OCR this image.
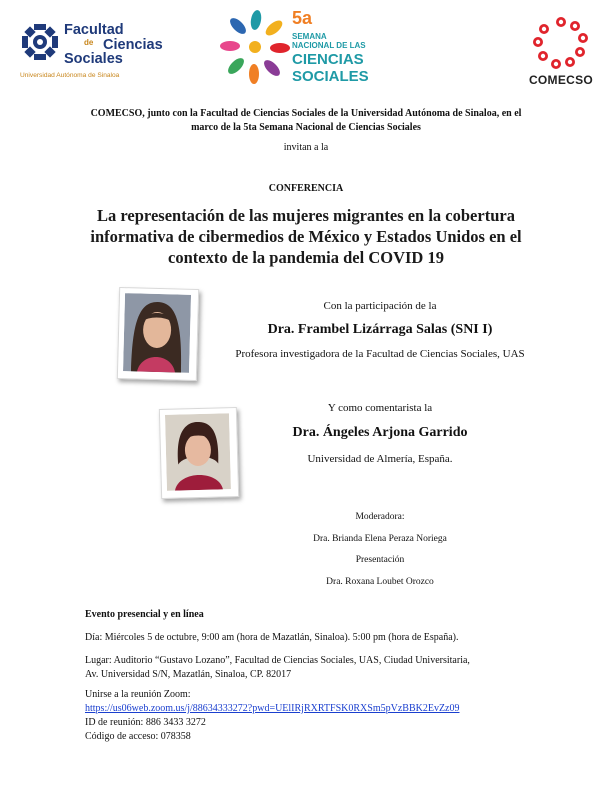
Facultad
de Ciencias
Sociales
Universidad Autónoma de Sinaloa
5a
SEMANA
NACIONAL DE LAS
CIENCIAS
SOCIALES	COMECSO
COMECSO, junto con la Facultad de Ciencias Sociales de la Universidad Autónoma de Sinaloa, en el marco de la 5ta Semana Nacional de Ciencias Sociales
invitan a la
CONFERENCIA
La representación de las mujeres migrantes en la cobertura informativa de cibermedios de México y Estados Unidos en el contexto de la pandemia del COVID 19
Con la participación de la
Dra. Frambel Lizárraga Salas (SNI I)
Profesora investigadora de la Facultad de Ciencias Sociales, UAS
Y como comentarista la
Dra. Ángeles Arjona Garrido
Universidad de Almería, España.
Moderadora:
Dra. Brianda Elena Peraza Noriega
Presentación
Dra. Roxana Loubet Orozco
Evento presencial y en línea
Día: Miércoles 5 de octubre, 9:00 am (hora de Mazatlán, Sinaloa). 5:00 pm (hora de España).
Lugar: Auditorio “Gustavo Lozano”, Facultad de Ciencias Sociales, UAS, Ciudad Universitaria,
Av. Universidad S/N, Mazatlán, Sinaloa, CP. 82017
Unirse a la reunión Zoom:
https://us06web.zoom.us/j/88634333272?pwd=UElIRjRXRTFSK0RXSm5pVzBBK2EvZz09
ID de reunión: 886 3433 3272
Código de acceso: 078358
